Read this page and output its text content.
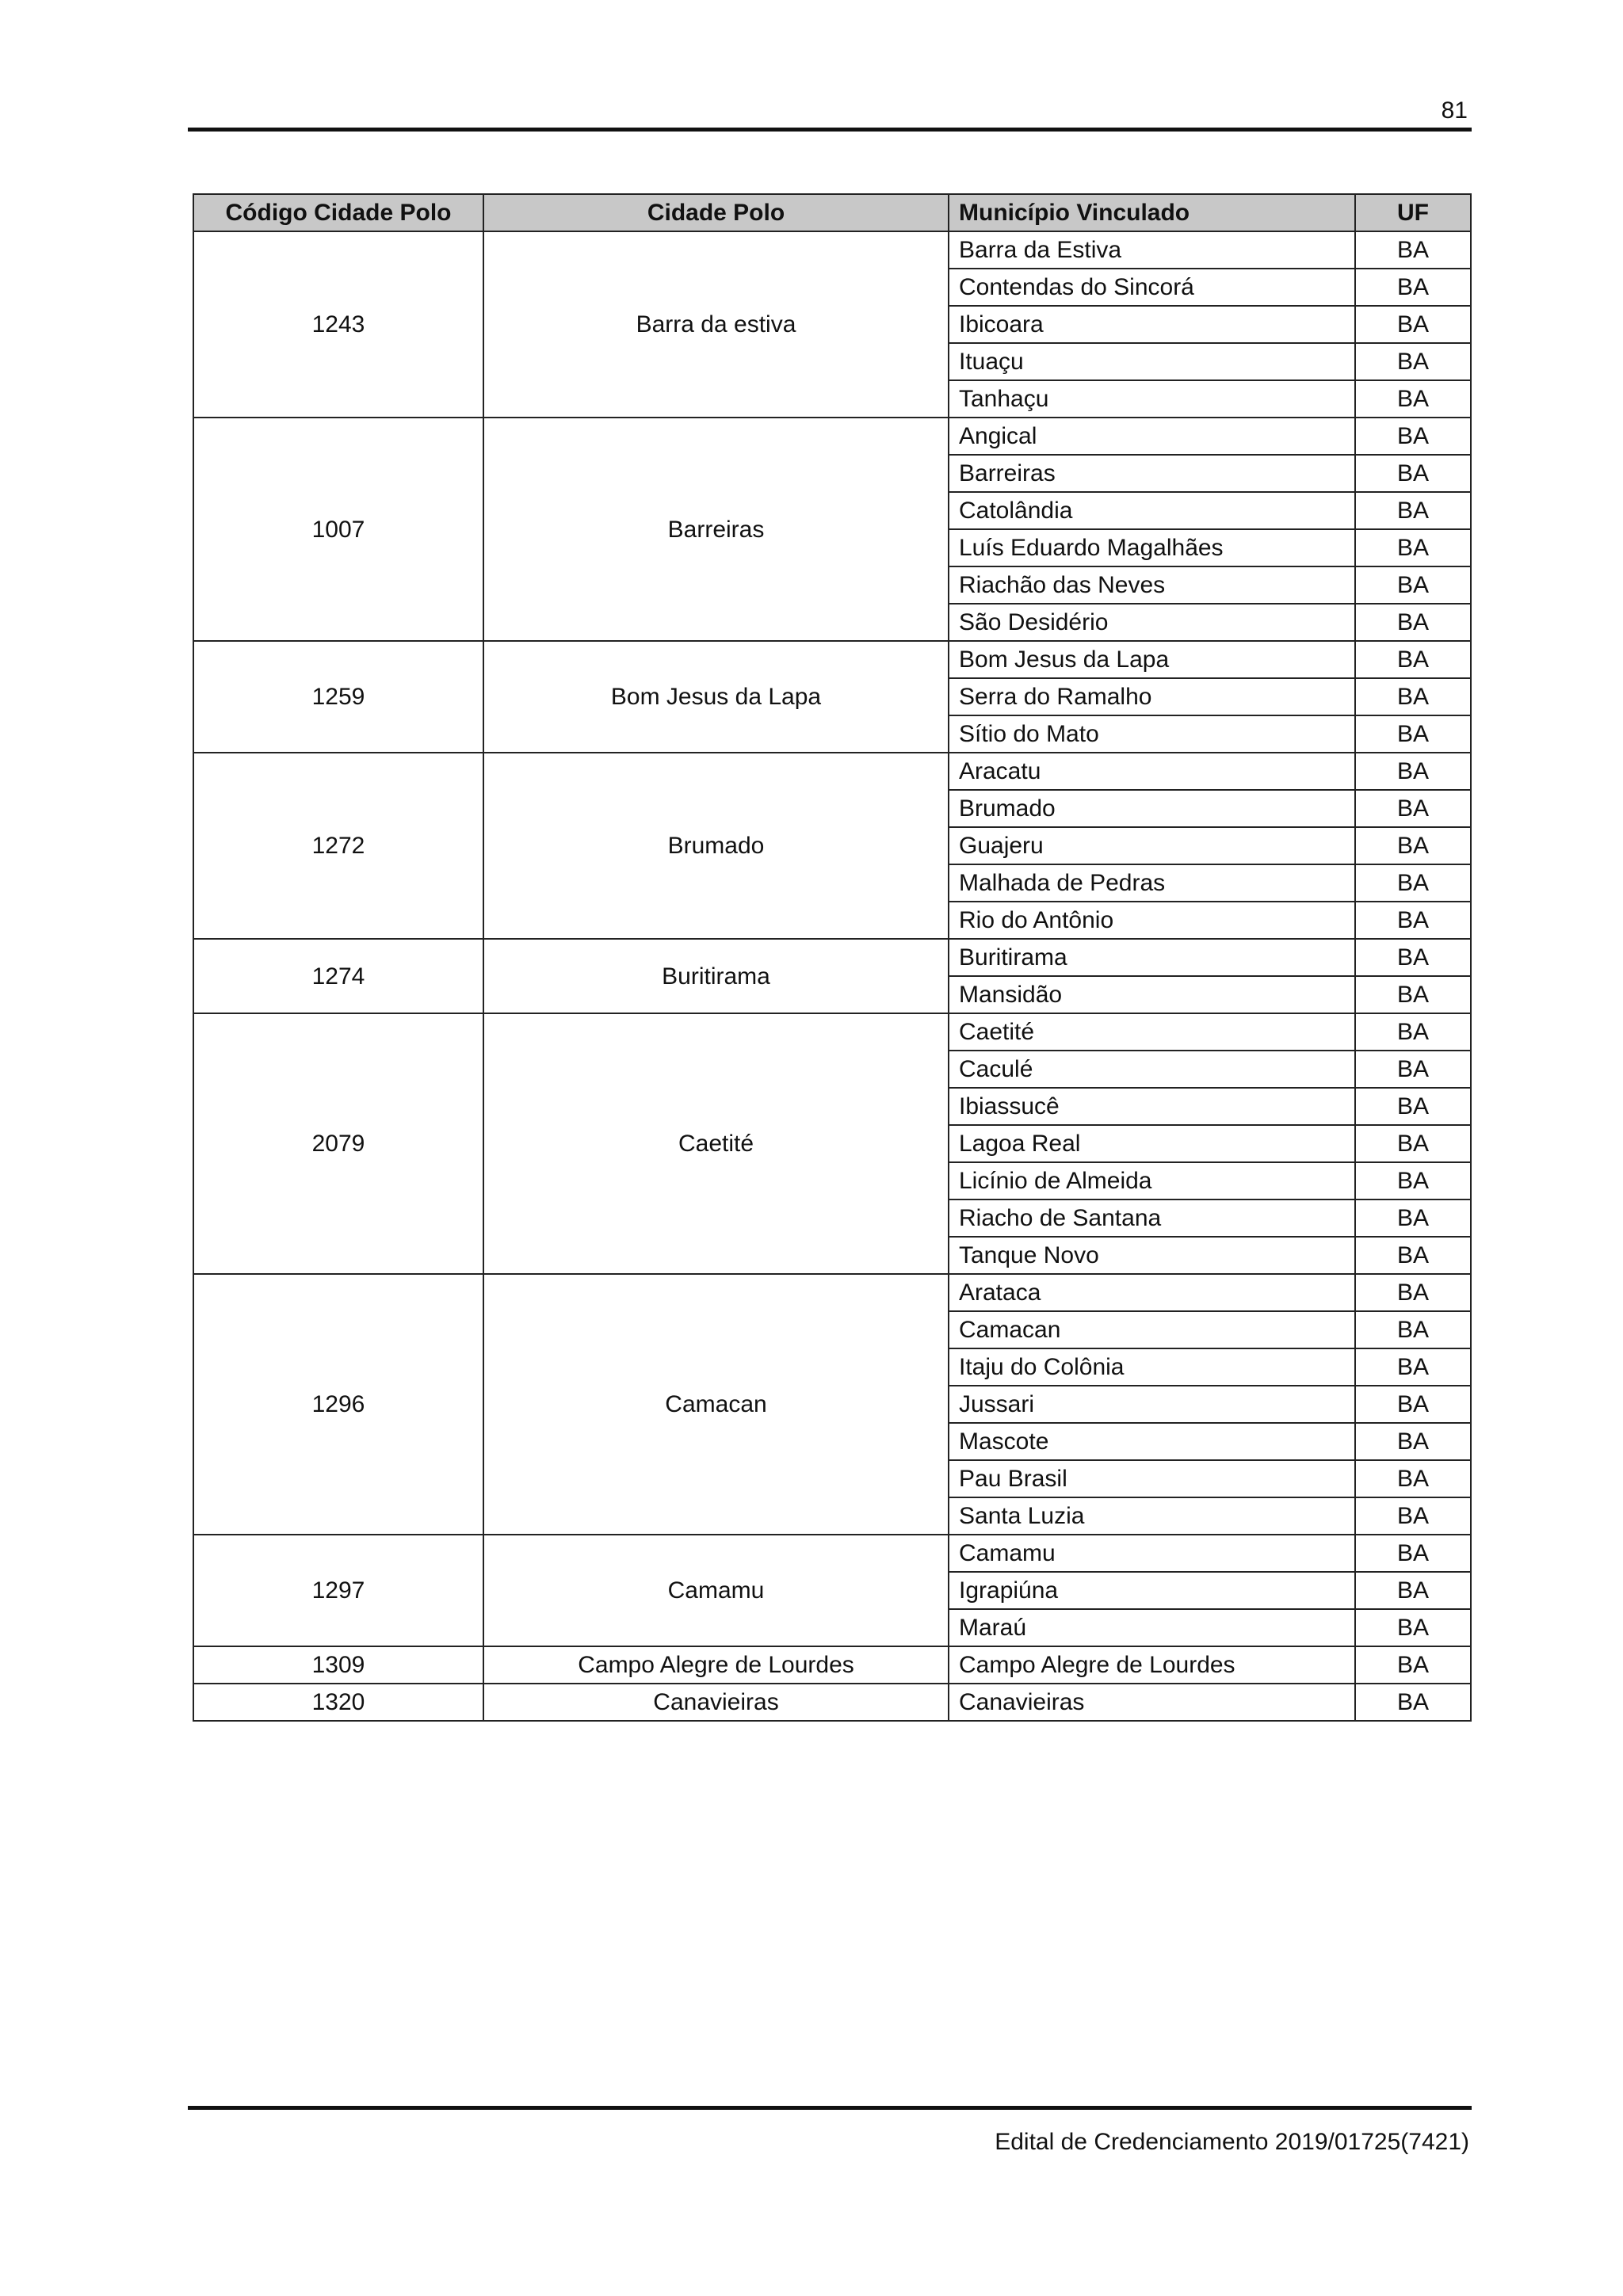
81
Código Cidade Polo	Cidade Polo	Município Vinculado	UF
1243	Barra da estiva	Barra da Estiva	BA
		Contendas do Sincorá	BA
		Ibicoara	BA
		Ituaçu	BA
		Tanhaçu	BA
1007	Barreiras	Angical	BA
		Barreiras	BA
		Catolândia	BA
		Luís Eduardo Magalhães	BA
		Riachão das Neves	BA
		São Desidério	BA
1259	Bom Jesus da Lapa	Bom Jesus da Lapa	BA
		Serra do Ramalho	BA
		Sítio do Mato	BA
1272	Brumado	Aracatu	BA
		Brumado	BA
		Guajeru	BA
		Malhada de Pedras	BA
		Rio do Antônio	BA
1274	Buritirama	Buritirama	BA
		Mansidão	BA
2079	Caetité	Caetité	BA
		Caculé	BA
		Ibiassucê	BA
		Lagoa Real	BA
		Licínio de Almeida	BA
		Riacho de Santana	BA
		Tanque Novo	BA
1296	Camacan	Arataca	BA
		Camacan	BA
		Itaju do Colônia	BA
		Jussari	BA
		Mascote	BA
		Pau Brasil	BA
		Santa Luzia	BA
1297	Camamu	Camamu	BA
		Igrapiúna	BA
		Maraú	BA
1309	Campo Alegre de Lourdes	Campo Alegre de Lourdes	BA
1320	Canavieiras	Canavieiras	BA
Edital de Credenciamento 2019/01725(7421)
